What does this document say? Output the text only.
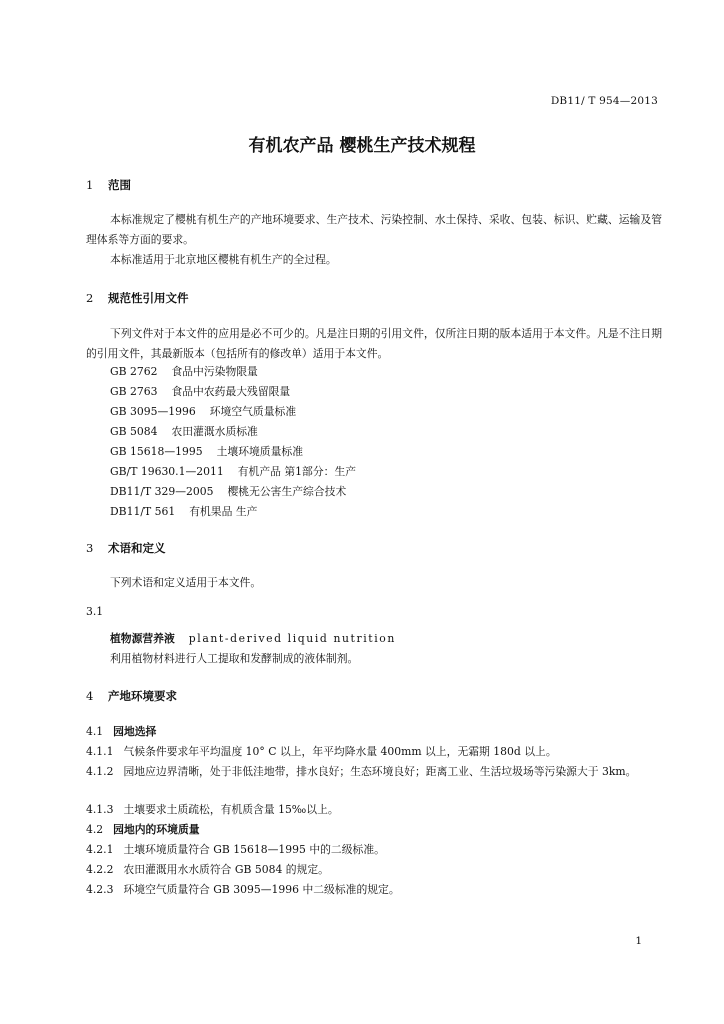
DB11/ T 954—2013
有机农产品 樱桃生产技术规程
1 范围
本标准规定了樱桃有机生产的产地环境要求、生产技术、污染控制、水土保持、采收、包装、标识、贮藏、运输及管理体系等方面的要求。
本标准适用于北京地区樱桃有机生产的全过程。
2 规范性引用文件
下列文件对于本文件的应用是必不可少的。凡是注日期的引用文件，仅所注日期的版本适用于本文件。凡是不注日期的引用文件，其最新版本（包括所有的修改单）适用于本文件。
GB 2762 食品中污染物限量
GB 2763 食品中农药最大残留限量
GB 3095—1996 环境空气质量标准
GB 5084 农田灌溉水质标准
GB 15618—1995 土壤环境质量标准
GB/T 19630.1—2011 有机产品 第1部分：生产
DB11/T 329—2005 樱桃无公害生产综合技术
DB11/T 561 有机果品 生产
3 术语和定义
下列术语和定义适用于本文件。
3.1
植物源营养液 plant-derived liquid nutrition
利用植物材料进行人工提取和发酵制成的液体制剂。
4 产地环境要求
4.1 园地选择
4.1.1 气候条件要求年平均温度 10° C 以上，年平均降水量 400mm 以上，无霜期 180d 以上。
4.1.2 园地应边界清晰，处于非低洼地带，排水良好；生态环境良好；距离工业、生活垃圾场等污染源大于 3km。
4.1.3 土壤要求土质疏松，有机质含量 15‰以上。
4.2 园地内的环境质量
4.2.1 土壤环境质量符合 GB 15618—1995 中的二级标准。
4.2.2 农田灌溉用水水质符合 GB 5084 的规定。
4.2.3 环境空气质量符合 GB 3095—1996 中二级标准的规定。
1
